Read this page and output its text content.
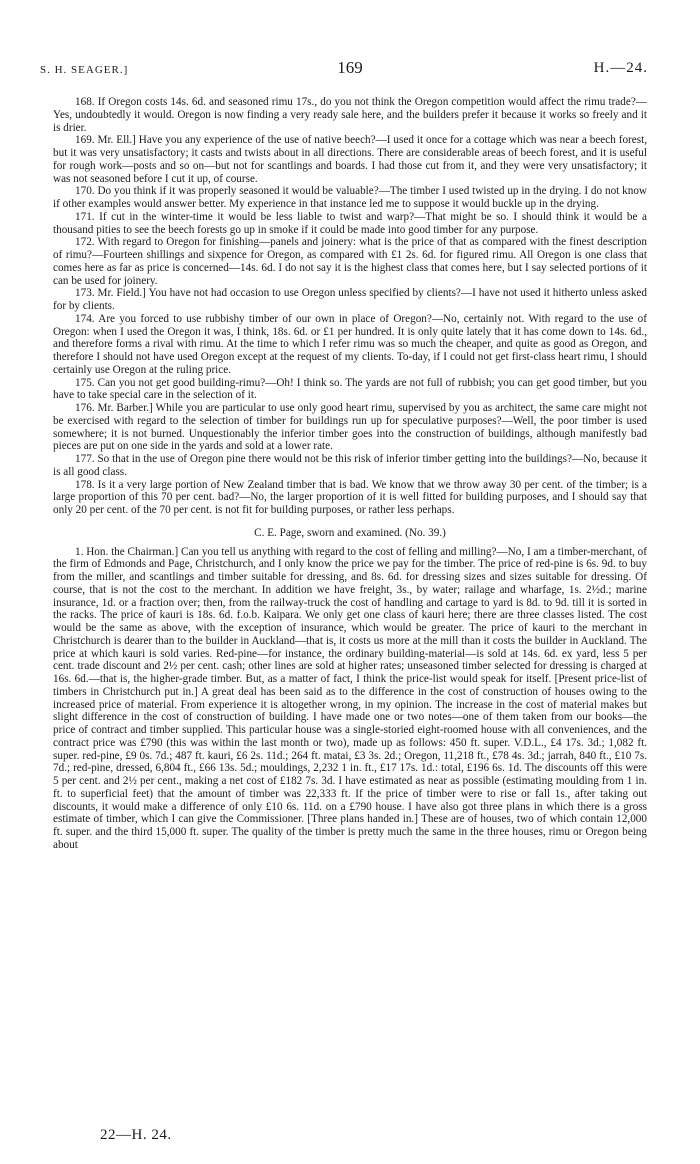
S. H. SEAGER.]	169	H.—24.

168. If Oregon costs 14s. 6d. and seasoned rimu 17s., do you not think the Oregon competition would affect the rimu trade?—Yes, undoubtedly it would. Oregon is now finding a very ready sale here, and the builders prefer it because it works so freely and it is drier.

169. Mr. Ell.] Have you any experience of the use of native beech?—I used it once for a cottage which was near a beech forest, but it was very unsatisfactory; it casts and twists about in all directions. There are considerable areas of beech forest, and it is useful for rough work—posts and so on—but not for scantlings and boards. I had those cut from it, and they were very unsatisfactory; it was not seasoned before I cut it up, of course.

170. Do you think if it was properly seasoned it would be valuable?—The timber I used twisted up in the drying. I do not know if other examples would answer better. My experience in that instance led me to suppose it would buckle up in the drying.

171. If cut in the winter-time it would be less liable to twist and warp?—That might be so. I should think it would be a thousand pities to see the beech forests go up in smoke if it could be made into good timber for any purpose.

172. With regard to Oregon for finishing—panels and joinery: what is the price of that as compared with the finest description of rimu?—Fourteen shillings and sixpence for Oregon, as compared with £1 2s. 6d. for figured rimu. All Oregon is one class that comes here as far as price is concerned—14s. 6d. I do not say it is the highest class that comes here, but I say selected portions of it can be used for joinery.

173. Mr. Field.] You have not had occasion to use Oregon unless specified by clients?—I have not used it hitherto unless asked for by clients.

174. Are you forced to use rubbishy timber of our own in place of Oregon?—No, certainly not. With regard to the use of Oregon: when I used the Oregon it was, I think, 18s. 6d. or £1 per hundred. It is only quite lately that it has come down to 14s. 6d., and therefore forms a rival with rimu. At the time to which I refer rimu was so much the cheaper, and quite as good as Oregon, and therefore I should not have used Oregon except at the request of my clients. To-day, if I could not get first-class heart rimu, I should certainly use Oregon at the ruling price.

175. Can you not get good building-rimu?—Oh! I think so. The yards are not full of rubbish; you can get good timber, but you have to take special care in the selection of it.

176. Mr. Barber.] While you are particular to use only good heart rimu, supervised by you as architect, the same care might not be exercised with regard to the selection of timber for buildings run up for speculative purposes?—Well, the poor timber is used somewhere; it is not burned. Unquestionably the inferior timber goes into the construction of buildings, although manifestly bad pieces are put on one side in the yards and sold at a lower rate.

177. So that in the use of Oregon pine there would not be this risk of inferior timber getting into the buildings?—No, because it is all good class.

178. Is it a very large portion of New Zealand timber that is bad. We know that we throw away 30 per cent. of the timber; is a large proportion of this 70 per cent. bad?—No, the larger proportion of it is well fitted for building purposes, and I should say that only 20 per cent. of the 70 per cent. is not fit for building purposes, or rather less perhaps.

C. E. Page, sworn and examined. (No. 39.)

1. Hon. the Chairman.] Can you tell us anything with regard to the cost of felling and milling?—No, I am a timber-merchant, of the firm of Edmonds and Page, Christchurch, and I only know the price we pay for the timber. The price of red-pine is 6s. 9d. to buy from the miller, and scantlings and timber suitable for dressing, and 8s. 6d. for dressing sizes and sizes suitable for dressing. Of course, that is not the cost to the merchant. In addition we have freight, 3s., by water; railage and wharfage, 1s. 2½d.; marine insurance, 1d. or a fraction over; then, from the railway-truck the cost of handling and cartage to yard is 8d. to 9d. till it is sorted in the racks. The price of kauri is 18s. 6d. f.o.b. Kaipara. We only get one class of kauri here; there are three classes listed. The cost would be the same as above, with the exception of insurance, which would be greater. The price of kauri to the merchant in Christchurch is dearer than to the builder in Auckland—that is, it costs us more at the mill than it costs the builder in Auckland. The price at which kauri is sold varies. Red-pine—for instance, the ordinary building-material—is sold at 14s. 6d. ex yard, less 5 per cent. trade discount and 2½ per cent. cash; other lines are sold at higher rates; unseasoned timber selected for dressing is charged at 16s. 6d.—that is, the higher-grade timber. But, as a matter of fact, I think the price-list would speak for itself. [Present price-list of timbers in Christchurch put in.] A great deal has been said as to the difference in the cost of construction of houses owing to the increased price of material. From experience it is altogether wrong, in my opinion. The increase in the cost of material makes but slight difference in the cost of construction of building. I have made one or two notes—one of them taken from our books—the price of contract and timber supplied. This particular house was a single-storied eight-roomed house with all conveniences, and the contract price was £790 (this was within the last month or two), made up as follows: 450 ft. super. V.D.L., £4 17s. 3d.; 1,082 ft. super. red-pine, £9 0s. 7d.; 487 ft. kauri, £6 2s. 11d.; 264 ft. matai, £3 3s. 2d.; Oregon, 11,218 ft., £78 4s. 3d.; jarrah, 840 ft., £10 7s. 7d.; red-pine, dressed, 6,804 ft., £66 13s. 5d.; mouldings, 2,232 1 in. ft., £17 17s. 1d.: total, £196 6s. 1d. The discounts off this were 5 per cent. and 2½ per cent., making a net cost of £182 7s. 3d. I have estimated as near as possible (estimating moulding from 1 in. ft. to superficial feet) that the amount of timber was 22,333 ft. If the price of timber were to rise or fall 1s., after taking out discounts, it would make a difference of only £10 6s. 11d. on a £790 house. I have also got three plans in which there is a gross estimate of timber, which I can give the Commissioner. [Three plans handed in.] These are of houses, two of which contain 12,000 ft. super. and the third 15,000 ft. super. The quality of the timber is pretty much the same in the three houses, rimu or Oregon being about

22—H. 24.
